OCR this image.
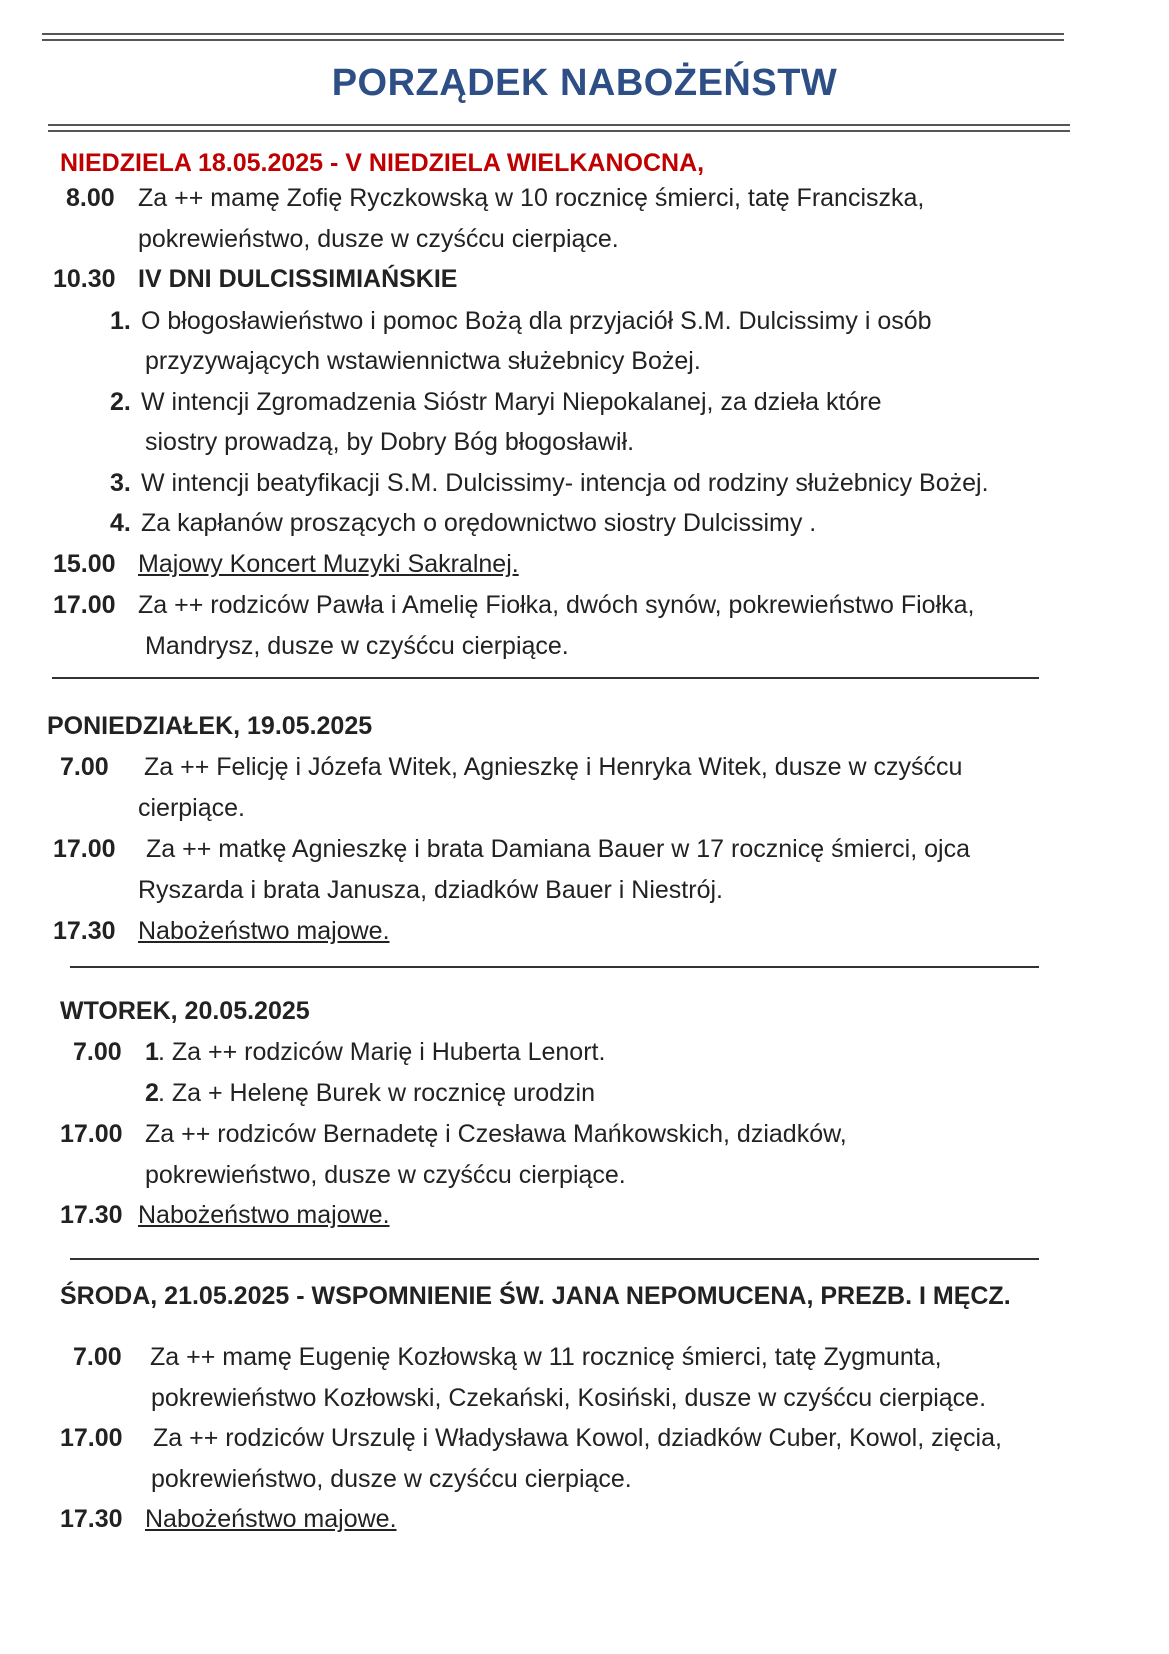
PORZĄDEK NABOŻEŃSTW
NIEDZIELA 18.05.2025 - V NIEDZIELA WIELKANOCNA,
8.00 Za ++ mamę Zofię Ryczkowską w 10 rocznicę śmierci, tatę Franciszka,
pokrewieństwo, dusze w czyśćcu cierpiące.
10.30 IV DNI DULCISSIMIAŃSKIE
1. O błogosławieństwo i pomoc Bożą dla przyjaciół S.M. Dulcissimy i osób
przyzywających wstawiennictwa służebnicy Bożej.
2. W intencji Zgromadzenia Sióstr Maryi Niepokalanej, za dzieła które
siostry prowadzą, by Dobry Bóg błogosławił.
3. W intencji beatyfikacji S.M. Dulcissimy- intencja od rodziny służebnicy Bożej.
4. Za kapłanów proszących o orędownictwo siostry Dulcissimy .
15.00 Majowy Koncert Muzyki Sakralnej.
17.00 Za ++ rodziców Pawła i Amelię Fiołka, dwóch synów, pokrewieństwo Fiołka,
Mandrysz, dusze w czyśćcu cierpiące.
PONIEDZIAŁEK, 19.05.2025
7.00 Za ++ Felicję i Józefa Witek, Agnieszkę i Henryka Witek, dusze w czyśćcu
cierpiące.
17.00 Za ++ matkę Agnieszkę i brata Damiana Bauer w 17 rocznicę śmierci, ojca
Ryszarda i brata Janusza, dziadków Bauer i Niestrój.
17.30 Nabożeństwo majowe.
WTOREK, 20.05.2025
7.00 1 . Za ++ rodziców Marię i Huberta Lenort.
2 . Za + Helenę Burek w rocznicę urodzin
17.00 Za ++ rodziców Bernadetę i Czesława Mańkowskich, dziadków,
pokrewieństwo, dusze w czyśćcu cierpiące.
17.30 Nabożeństwo majowe.
ŚRODA, 21.05.2025 - WSPOMNIENIE ŚW. JANA NEPOMUCENA, PREZB. I MĘCZ.
7.00 Za ++ mamę Eugenię Kozłowską w 11 rocznicę śmierci, tatę Zygmunta,
pokrewieństwo Kozłowski, Czekański, Kosiński, dusze w czyśćcu cierpiące.
17.00 Za ++ rodziców Urszulę i Władysława Kowol, dziadków Cuber, Kowol, zięcia,
pokrewieństwo, dusze w czyśćcu cierpiące.
17.30 Nabożeństwo majowe.
